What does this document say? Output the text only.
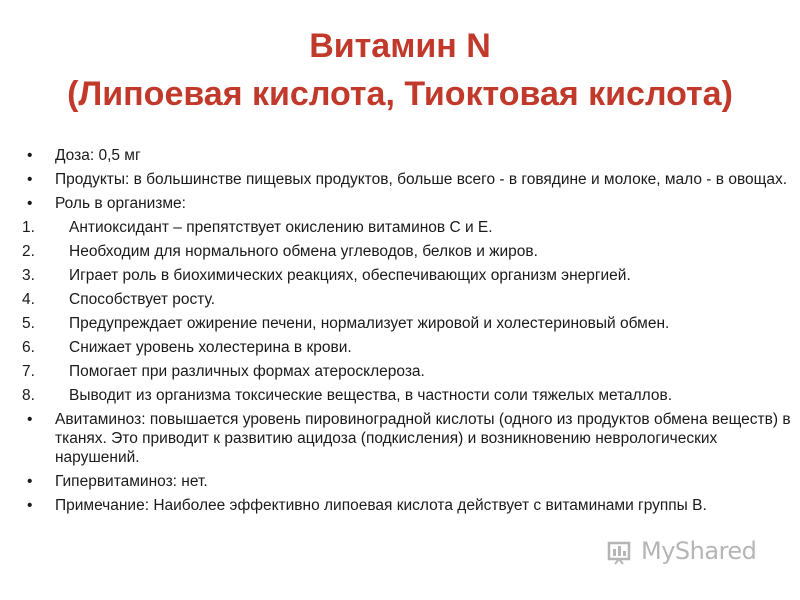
Витамин N
(Липоевая кислота, Тиоктовая кислота)
• Доза: 0,5 мг
• Продукты: в большинстве пищевых продуктов, больше всего - в говядине и молоке, мало - в овощах.
• Роль в организме:
1. Антиоксидант – препятствует окислению витаминов С и Е.
2. Необходим для нормального обмена углеводов, белков и жиров.
3. Играет роль в биохимических реакциях, обеспечивающих организм энергией.
4. Способствует росту.
5. Предупреждает ожирение печени, нормализует жировой и холестериновый обмен.
6. Снижает уровень холестерина в крови.
7. Помогает при различных формах атеросклероза.
8. Выводит из организма токсические вещества, в частности соли тяжелых металлов.
• Авитаминоз: повышается уровень пировиноградной кислоты (одного из продуктов обмена веществ) в тканях. Это приводит к развитию ацидоза (подкисления) и возникновению неврологических нарушений.
• Гипервитаминоз: нет.
• Примечание: Наиболее эффективно липоевая кислота действует с витаминами группы В.
MyShared
